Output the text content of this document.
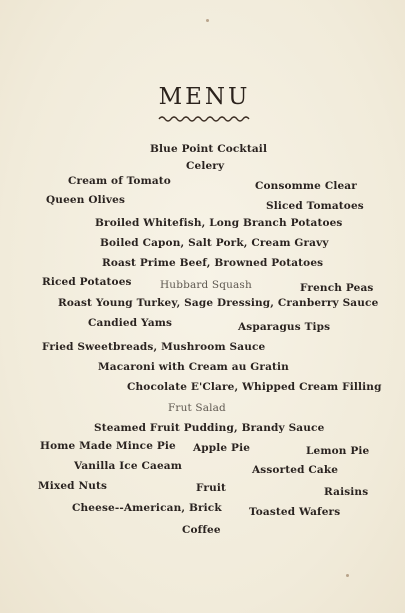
MENU
Blue Point Cocktail
Celery
Cream of Tomato	Consomme Clear
Queen Olives	Sliced Tomatoes
Broiled Whitefish, Long Branch Potatoes
Boiled Capon, Salt Pork, Cream Gravy
Roast Prime Beef, Browned Potatoes
Riced Potatoes	Hubbard Squash	French Peas
Roast Young Turkey, Sage Dressing, Cranberry Sauce
Candied Yams	Asparagus Tips
Fried Sweetbreads, Mushroom Sauce
Macaroni with Cream au Gratin
Chocolate E'Clare, Whipped Cream Filling
Frut Salad
Steamed Fruit Pudding, Brandy Sauce
Home Made Mince Pie Apple Pie	Lemon Pie
Vanilla Ice Caeam	Assorted Cake
Mixed Nuts	Fruit	Raisins
Cheese--American, Brick	Toasted Wafers
Coffee
